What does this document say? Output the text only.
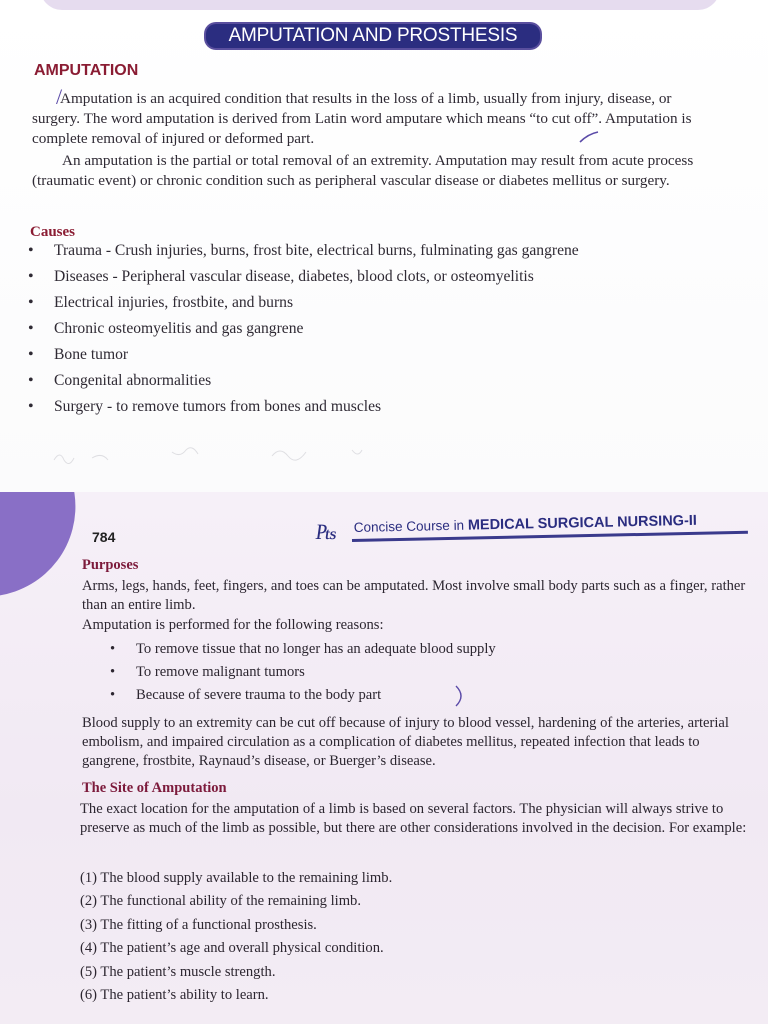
AMPUTATION AND PROSTHESIS
AMPUTATION
/

Amputation is an acquired condition that results in the loss of a limb, usually from injury, disease, or surgery. The word amputation is derived from Latin word amputare which means “to cut off”. Amputation is complete removal of injured or deformed part.

An amputation is the partial or total removal of an extremity. Amputation may result from acute process (traumatic event) or chronic condition such as peripheral vascular disease or diabetes mellitus or surgery.

Causes
• Trauma - Crush injuries, burns, frost bite, electrical burns, fulminating gas gangrene
• Diseases - Peripheral vascular disease, diabetes, blood clots, or osteomyelitis
• Electrical injuries, frostbite, and burns
• Chronic osteomyelitis and gas gangrene
• Bone tumor
• Congenital abnormalities
• Surgery - to remove tumors from bones and muscles
784	₧ Concise Course in MEDICAL SURGICAL NURSING-II
Purposes

Arms, legs, hands, feet, fingers, and toes can be amputated. Most involve small body parts such as a finger, rather than an entire limb.

Amputation is performed for the following reasons:

• To remove tissue that no longer has an adequate blood supply
• To remove malignant tumors
• Because of severe trauma to the body part

Blood supply to an extremity can be cut off because of injury to blood vessel, hardening of the arteries, arterial embolism, and impaired circulation as a complication of diabetes mellitus, repeated infection that leads to gangrene, frostbite, Raynaud’s disease, or Buerger’s disease.

The Site of Amputation

The exact location for the amputation of a limb is based on several factors. The physician will always strive to preserve as much of the limb as possible, but there are other considerations involved in the decision. For example:

(1) The blood supply available to the remaining limb.
(2) The functional ability of the remaining limb.
(3) The fitting of a functional prosthesis.
(4) The patient’s age and overall physical condition.
(5) The patient’s muscle strength.
(6) The patient’s ability to learn.
